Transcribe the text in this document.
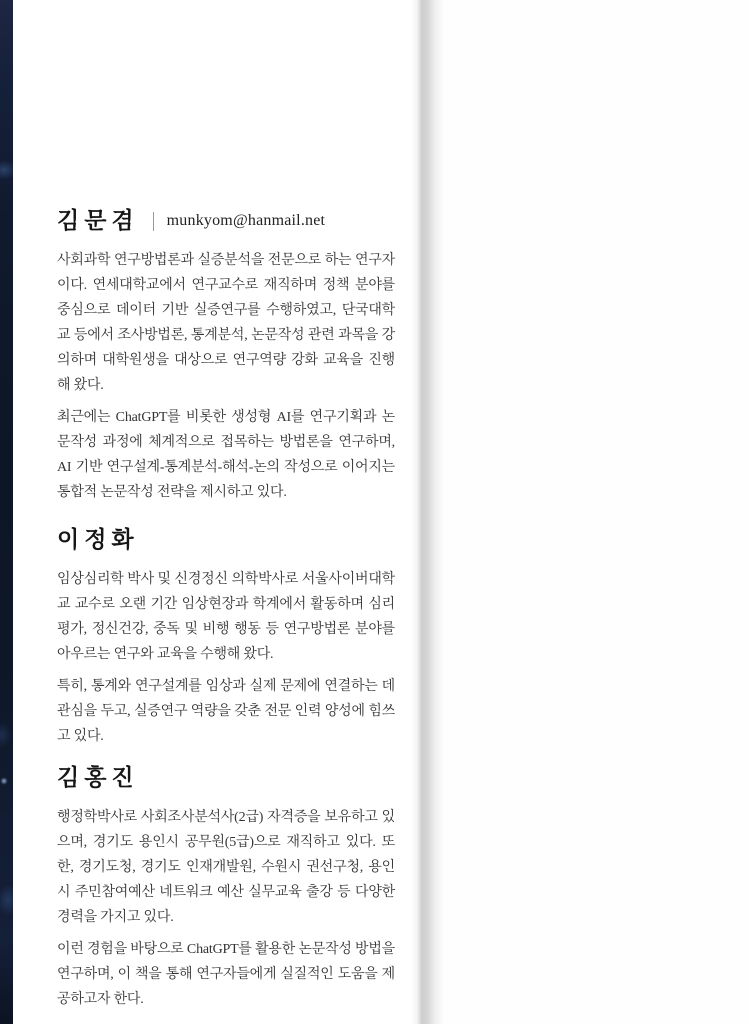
김문겸 munkyom@hanmail.net

사회과학 연구방법론과 실증분석을 전문으로 하는 연구자이다. 연세대학교에서 연구교수로 재직하며 정책 분야를 중심으로 데이터 기반 실증연구를 수행하였고, 단국대학교 등에서 조사방법론, 통계분석, 논문작성 관련 과목을 강의하며 대학원생을 대상으로 연구역량 강화 교육을 진행해 왔다.

최근에는 ChatGPT를 비롯한 생성형 AI를 연구기획과 논문작성 과정에 체계적으로 접목하는 방법론을 연구하며, AI 기반 연구설계-통계분석-해석-논의 작성으로 이어지는 통합적 논문작성 전략을 제시하고 있다.

이정화

임상심리학 박사 및 신경정신 의학박사로 서울사이버대학교 교수로 오랜 기간 임상현장과 학계에서 활동하며 심리평가, 정신건강, 중독 및 비행 행동 등 연구방법론 분야를 아우르는 연구와 교육을 수행해 왔다.

특히, 통계와 연구설계를 임상과 실제 문제에 연결하는 데 관심을 두고, 실증연구 역량을 갖춘 전문 인력 양성에 힘쓰고 있다.

김홍진

행정학박사로 사회조사분석사(2급) 자격증을 보유하고 있으며, 경기도 용인시 공무원(5급)으로 재직하고 있다. 또한, 경기도청, 경기도 인재개발원, 수원시 권선구청, 용인시 주민참여예산 네트워크 예산 실무교육 출강 등 다양한 경력을 가지고 있다.

이런 경험을 바탕으로 ChatGPT를 활용한 논문작성 방법을 연구하며, 이 책을 통해 연구자들에게 실질적인 도움을 제공하고자 한다.
